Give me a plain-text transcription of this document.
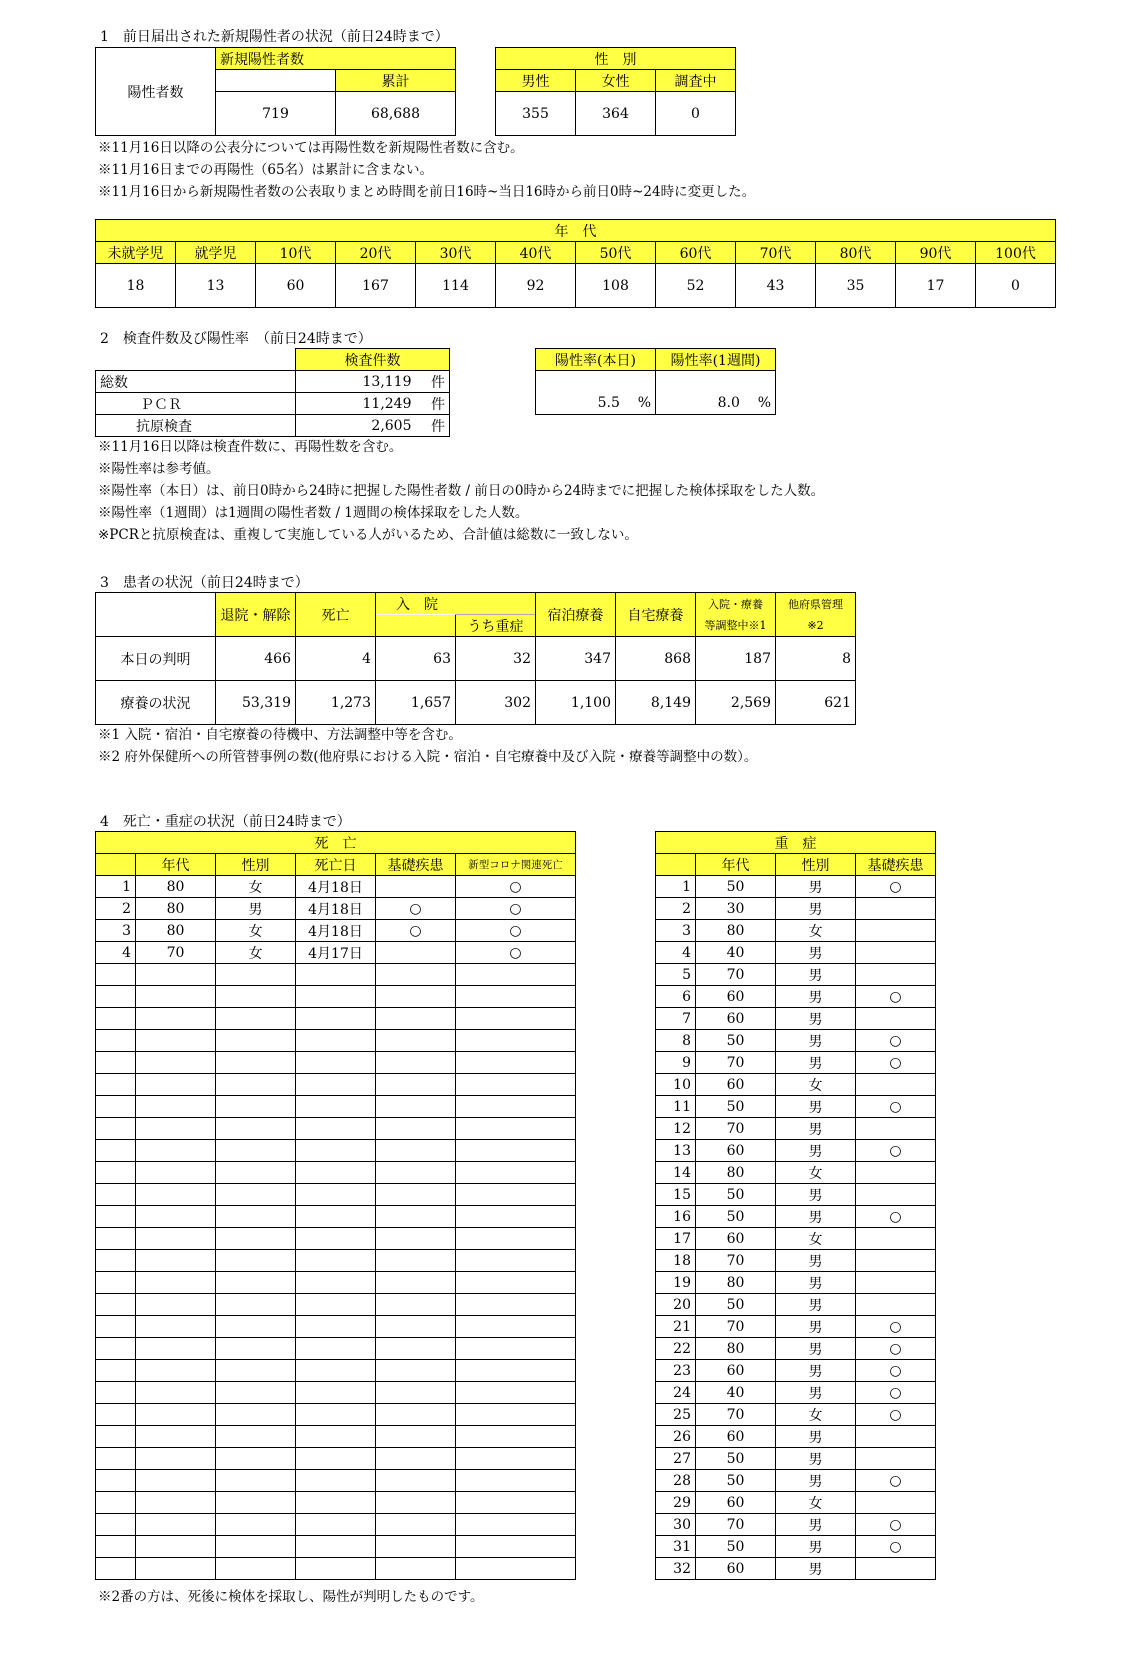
1　前日届出された新規陽性者の状況（前日24時まで）
陽性者数	新規陽性者数	
		累計
	719	68,688
性　別		
男性	女性	調査中
355	364	0
※11月16日以降の公表分については再陽性数を新規陽性者数に含む。
※11月16日までの再陽性（65名）は累計に含まない。
※11月16日から新規陽性者数の公表取りまとめ時間を前日16時~当日16時から前日0時~24時に変更した。
年　代											
未就学児	就学児	10代	20代	30代	40代	50代	60代	70代	80代	90代	100代
18	13	60	167	114	92	108	52	43	35	17	0
2　検査件数及び陽性率　（前日24時まで）
	検査件数	
総数	13,119	件
ＰＣＲ	11,249	件
抗原検査	2,605	件
陽性率(本日)	陽性率(1週間)
5.5 %	8.0 %
※11月16日以降は検査件数に、再陽性数を含む。
※陽性率は参考値。
※陽性率（本日）は、前日0時から24時に把握した陽性者数 / 前日の0時から24時までに把握した検体採取をした人数。
※陽性率（1週間）は1週間の陽性者数 / 1週間の検体採取をした人数。
※PCRと抗原検査は、重複して実施している人がいるため、合計値は総数に一致しない。
3　患者の状況（前日24時まで）
	退院・解除	死亡	入　院		宿泊療養	自宅療養	入院・療養	他府県管理
				うち重症			等調整中※1	※2
本日の判明	466	4	63	32	347	868	187	8
療養の状況	53,319	1,273	1,657	302	1,100	8,149	2,569	621
※1 入院・宿泊・自宅療養の待機中、方法調整中等を含む。
※2 府外保健所への所管替事例の数(他府県における入院・宿泊・自宅療養中及び入院・療養等調整中の数）。
4　死亡・重症の状況（前日24時まで）
死　亡					
	年代	性別	死亡日	基礎疾患	新型コロナ関連死亡
1	80	女	4月18日		○
2	80	男	4月18日	○	○
3	80	女	4月18日	○	○
4	70	女	4月17日		○

重　症			
	年代	性別	基礎疾患
1	50	男	○
2	30	男	
3	80	女	
4	40	男	
5	70	男	
6	60	男	○
7	60	男	
8	50	男	○
9	70	男	○
10	60	女	
11	50	男	○
12	70	男	
13	60	男	○
14	80	女	
15	50	男	
16	50	男	○
17	60	女	
18	70	男	
19	80	男	
20	50	男	
21	70	男	○
22	80	男	○
23	60	男	○
24	40	男	○
25	70	女	○
26	60	男	
27	50	男	
28	50	男	○
29	60	女	
30	70	男	○
31	50	男	○
32	60	男	
※2番の方は、死後に検体を採取し、陽性が判明したものです。
